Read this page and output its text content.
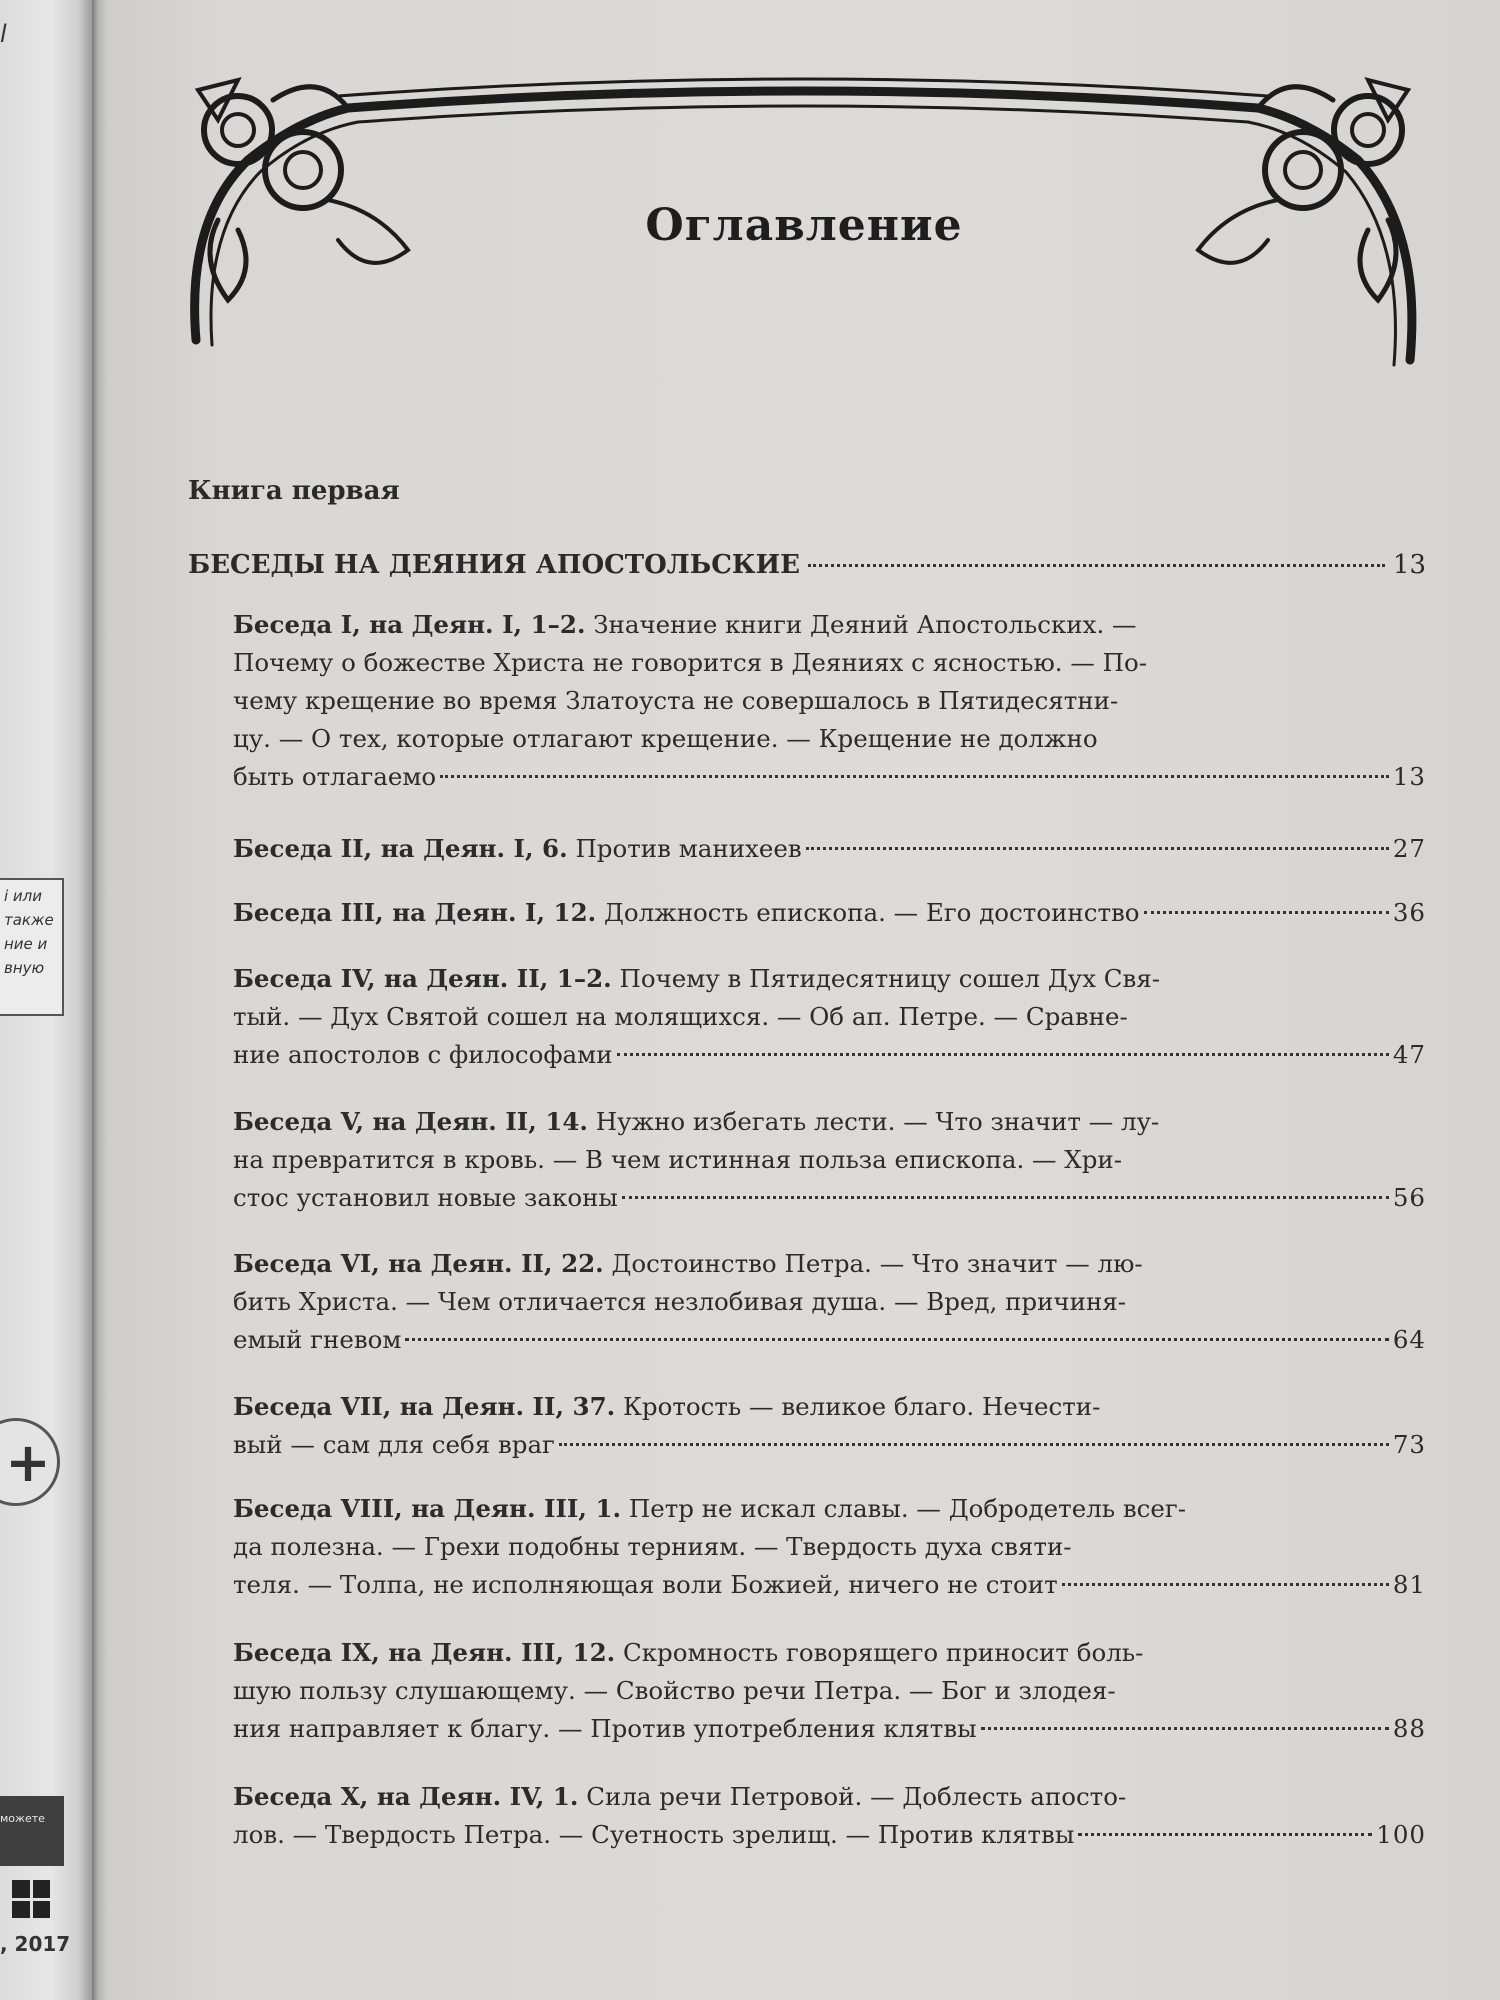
l
і или
также
ние и
вную
+
можете
, 2017
Оглавление
Книга первая
БЕСЕДЫ НА ДЕЯНИЯ АПОСТОЛЬСКИЕ	13
Беседа I, на Деян. I, 1–2. Значение книги Деяний Апостольских. —
Почему о божестве Христа не говорится в Деяниях с ясностью. — По-
чему крещение во время Златоуста не совершалось в Пятидесятни-
цу. — О тех, которые отлагают крещение. — Крещение не должно
быть отлагаемо	13
Беседа II, на Деян. I, 6.
Против манихеев	27
Беседа III, на Деян. I, 12.
Должность епископа. — Его достоинство	36
Беседа IV, на Деян. II, 1–2. Почему в Пятидесятницу сошел Дух Свя-
тый. — Дух Святой сошел на молящихся. — Об ап. Петре. — Сравне-
ние апостолов с философами	47
Беседа V, на Деян. II, 14. Нужно избегать лести. — Что значит — лу-
на превратится в кровь. — В чем истинная польза епископа. — Хри-
стос установил новые законы	56
Беседа VI, на Деян. II, 22. Достоинство Петра. — Что значит — лю-
бить Христа. — Чем отличается незлобивая душа. — Вред, причиня-
емый гневом	64
Беседа VII, на Деян. II, 37. Кротость — великое благо. Нечести-
вый — сам для себя враг	73
Беседа VIII, на Деян. III, 1. Петр не искал славы. — Добродетель всег-
да полезна. — Грехи подобны терниям. — Твердость духа святи-
теля. — Толпа, не исполняющая воли Божией, ничего не стоит	81
Беседа IX, на Деян. III, 12. Скромность говорящего приносит боль-
шую пользу слушающему. — Свойство речи Петра. — Бог и злодея-
ния направляет к благу. — Против употребления клятвы	88
Беседа X, на Деян. IV, 1. Сила речи Петровой. — Доблесть апосто-
лов. — Твердость Петра. — Суетность зрелищ. — Против клятвы	100
